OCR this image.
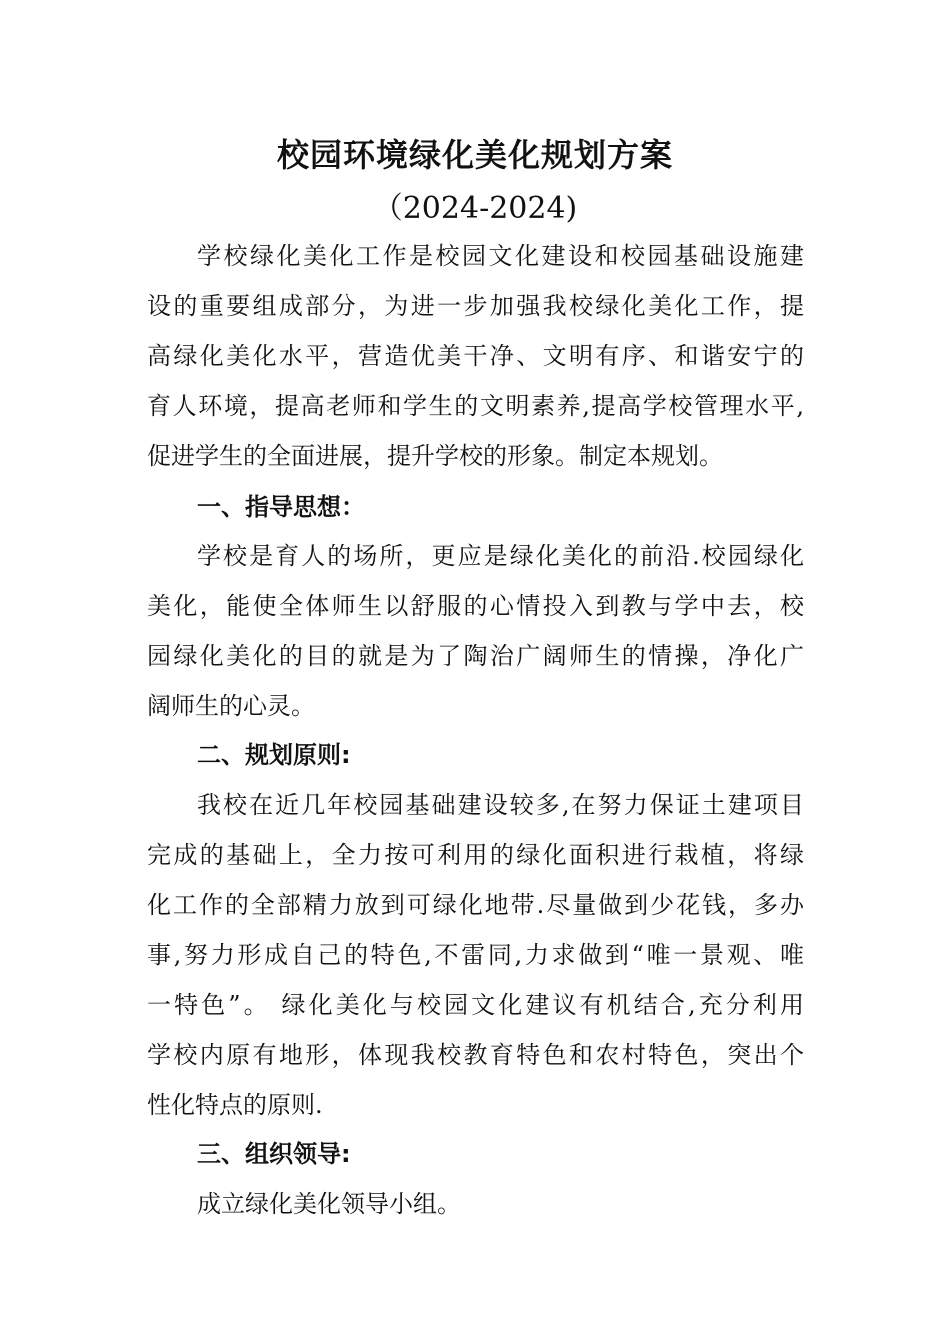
校园环境绿化美化规划方案

（2024-2024)

学校绿化美化工作是校园文化建设和校园基础设施建

设的重要组成部分，为进一步加强我校绿化美化工作，提

高绿化美化水平，营造优美干净、文明有序、和谐安宁的

育人环境，提高老师和学生的文明素养,提高学校管理水平,

促进学生的全面进展，提升学校的形象。制定本规划。

一、指导思想：

学校是育人的场所，更应是绿化美化的前沿.校园绿化

美化，能使全体师生以舒服的心情投入到教与学中去，校

园绿化美化的目的就是为了陶治广阔师生的情操，净化广

阔师生的心灵。

二、规划原则:

我校在近几年校园基础建设较多,在努力保证土建项目

完成的基础上，全力按可利用的绿化面积进行栽植，将绿

化工作的全部精力放到可绿化地带.尽量做到少花钱，多办

事,努力形成自己的特色,不雷同,力求做到“唯一景观、唯

一特色”。 绿化美化与校园文化建议有机结合,充分利用

学校内原有地形，体现我校教育特色和农村特色，突出个

性化特点的原则.

三、组织领导:

成立绿化美化领导小组。
